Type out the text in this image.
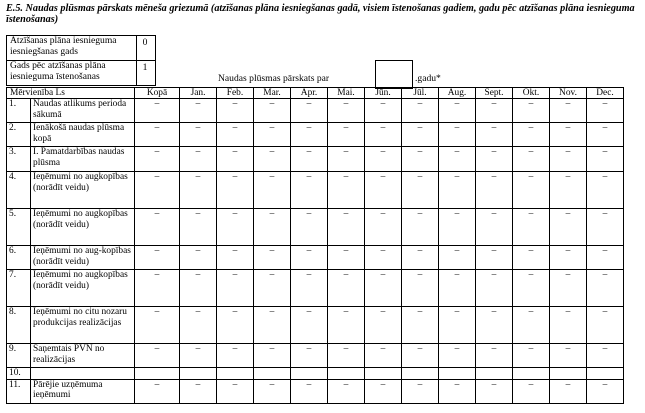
E.5. Naudas plūsmas pārskats mēneša griezumā (atzīšanas plāna iesniegšanas gadā, visiem īstenošanas gadiem, gadu pēc atzīšanas plāna iesnieguma īstenošanas)
Atzīšanas plāna iesnieguma iesniegšanas gads
0
Gads pēc atzīšanas plāna iesnieguma īstenošanas
1
Naudas plūsmas pārskats par	.gadu*
Mērvienība Ls		Kopā	Jan.	Feb.	Mar.	Apr.	Mai.	Jūn.	Jūl.	Aug.	Sept.	Okt.	Nov.	Dec.
1.	Naudas atlikums perioda sākumā	–	–	–	–	–	–	–	–	–	–	–	–	–
2.	Ienākošā naudas plūsma kopā	–	–	–	–	–	–	–	–	–	–	–	–	–
3.	I. Pamatdarbības naudas plūsma	–	–	–	–	–	–	–	–	–	–	–	–	–
4.	Ieņēmumi no augkopības (norādīt veidu)	–	–	–	–	–	–	–	–	–	–	–	–	–
5.	Ieņēmumi no augkopības (norādīt veidu)	–	–	–	–	–	–	–	–	–	–	–	–	–
6.	Ieņēmumi no aug-kopības (norādīt veidu)	–	–	–	–	–	–	–	–	–	–	–	–	–
7.	Ieņēmumi no augkopības (norādīt veidu)	–	–	–	–	–	–	–	–	–	–	–	–	–
8.	Ieņēmumi no citu nozaru produkcijas realizācijas	–	–	–	–	–	–	–	–	–	–	–	–	–
9.	Saņemtais PVN no realizācijas	–	–	–	–	–	–	–	–	–	–	–	–	–
10.														
11.	Pārējie uzņēmuma ieņēmumi	–	–	–	–	–	–	–	–	–	–	–	–	–
